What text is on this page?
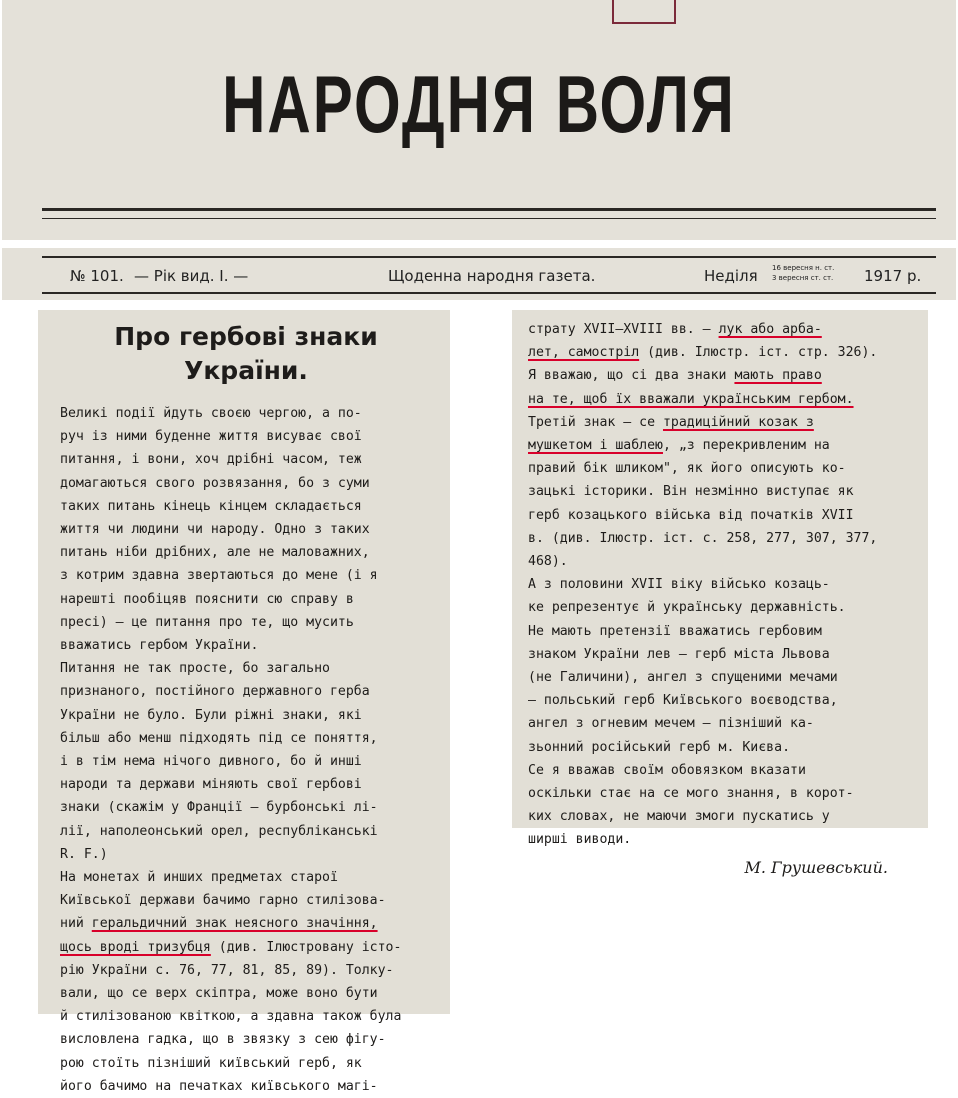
НАРОДНЯ ВОЛЯ
№ 101. — Рік вид. І. —	Щоденна народня газета.	Неділя 16 вересня н. ст.
3 вересня ст. ст.	1917 р.
Про гербові знаки
України.

Великі події йдуть своєю чергою, а по-
руч із ними буденне життя висуває свої
питання, і вони, хоч дрібні часом, теж
домагаються свого розвязання, бо з суми
таких питань кінець кінцем складається
життя чи людини чи народу. Одно з таких
питань ніби дрібних, але не маловажних,
з котрим здавна звертаються до мене (і я
нарешті пообіцяв пояснити сю справу в
пресі) — це питання про те, що мусить
вважатись гербом України.

Питання не так просте, бо загально
признаного, постійного державного герба
України не було. Були ріжні знаки, які
більш або менш підходять під се поняття,
і в тім нема нічого дивного, бо й инші
народи та держави міняють свої гербові
знаки (скажім у Франції — бурбонські лі-
лії, наполеонський орел, республіканські
R. F.)

На монетах й инших предметах старої
Київської держави бачимо гарно стилізова-
ний геральдичний знак неясного значіння,
щось вроді тризубця (див. Ілюстровану істо-
рію України с. 76, 77, 81, 85, 89). Толку-
вали, що се верх скіптра, може воно бути
й стилізованою квіткою, а здавна також була
висловлена гадка, що в звязку з сею фігу-
рою стоїть пізніший київський герб, як
його бачимо на печатках київського магі-

страту XVII—XVIII вв. — лук або арба-
лет, самостріл (див. Ілюстр. іст. стр. 326).
Я вважаю, що сі два знаки мають право
на те, щоб їх вважали українським гербом.
Третій знак — се традиційний козак з
мушкетом і шаблею, „з перекривленим на
правий бік шликом", як його описують ко-
зацькі історики. Він незмінно виступає як
герб козацького війська від початків XVII
в. (див. Ілюстр. іст. с. 258, 277, 307, 377,
468).

А з половини XVII віку військо козаць-
ке репрезентує й українську державність.

Не мають претензії вважатись гербовим
знаком України лев — герб міста Львова
(не Галичини), ангел з спущеними мечами
— польський герб Київського воєводства,
ангел з огневим мечем — пізніший ка-
зьонний російський герб м. Києва.

Се я вважав своїм обовязком вказати
оскільки стає на се мого знання, в корот-
ких словах, не маючи змоги пускатись у
ширші виводи.

М. Грушевський.
